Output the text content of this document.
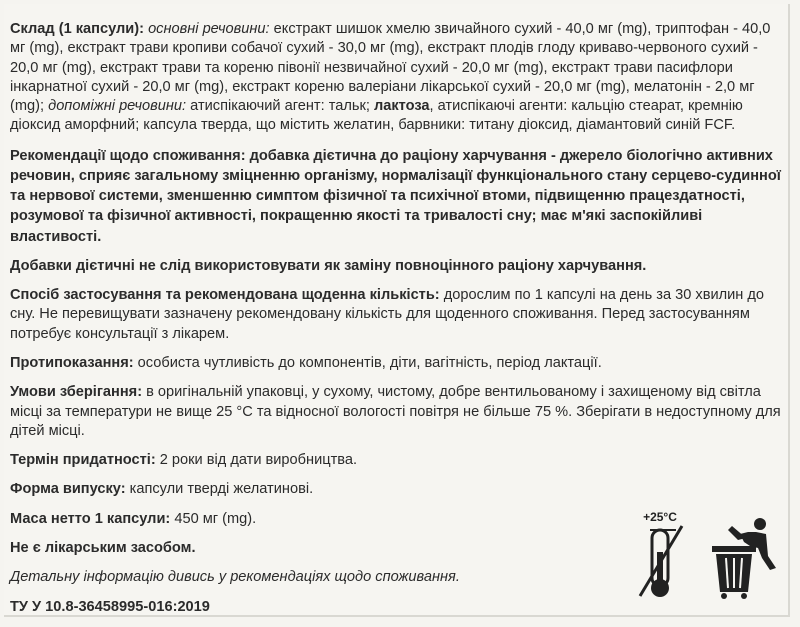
Склад (1 капсули): основні речовини: екстракт шишок хмелю звичайного сухий - 40,0 мг (mg), триптофан - 40,0 мг (mg), екстракт трави кропиви собачої сухий - 30,0 мг (mg), екстракт плодів глоду криваво-червоного сухий - 20,0 мг (mg), екстракт трави та кореню півонії незвичайної сухий - 20,0 мг (mg), екстракт трави пасифлори інкарнатної сухий - 20,0 мг (mg), екстракт кореню валеріани лікарської сухий - 20,0 мг (mg), мелатонін - 2,0 мг (mg); допоміжні речовини: атиспікаючий агент: тальк; лактоза, атиспікаючі агенти: кальцію стеарат, кремнію діоксид аморфний; капсула тверда, що містить желатин, барвники: титану діоксид, діамантовий синій FCF.

Рекомендації щодо споживання: добавка дієтична до раціону харчування - джерело біологічно активних речовин, сприяє загальному зміцненню організму, нормалізації функціонального стану серцево-судинної та нервової системи, зменшенню симптом фізичної та психічної втоми, підвищенню працездатності, розумової та фізичної активності, покращенню якості та тривалості сну; має м'які заспокійливі властивості.

Добавки дієтичні не слід використовувати як заміну повноцінного раціону харчування.

Спосіб застосування та рекомендована щоденна кількість: дорослим по 1 капсулі на день за 30 хвилин до сну. Не перевищувати зазначену рекомендовану кількість для щоденного споживання. Перед застосуванням потребує консультації з лікарем.

Протипоказання: особиста чутливість до компонентів, діти, вагітність, період лактації.

Умови зберігання: в оригінальній упаковці, у сухому, чистому, добре вентильованому і захищеному від світла місці за температури не вище 25 °С та відносної вологості повітря не більше 75 %. Зберігати в недоступному для дітей місці.

Термін придатності: 2 роки від дати виробництва.

Форма випуску: капсули тверді желатинові.

Маса нетто 1 капсули: 450 мг (mg).

Не є лікарським засобом.

Детальну інформацію дивись у рекомендаціях щодо споживання.

ТУ У 10.8-36458995-016:2019

+25°C
